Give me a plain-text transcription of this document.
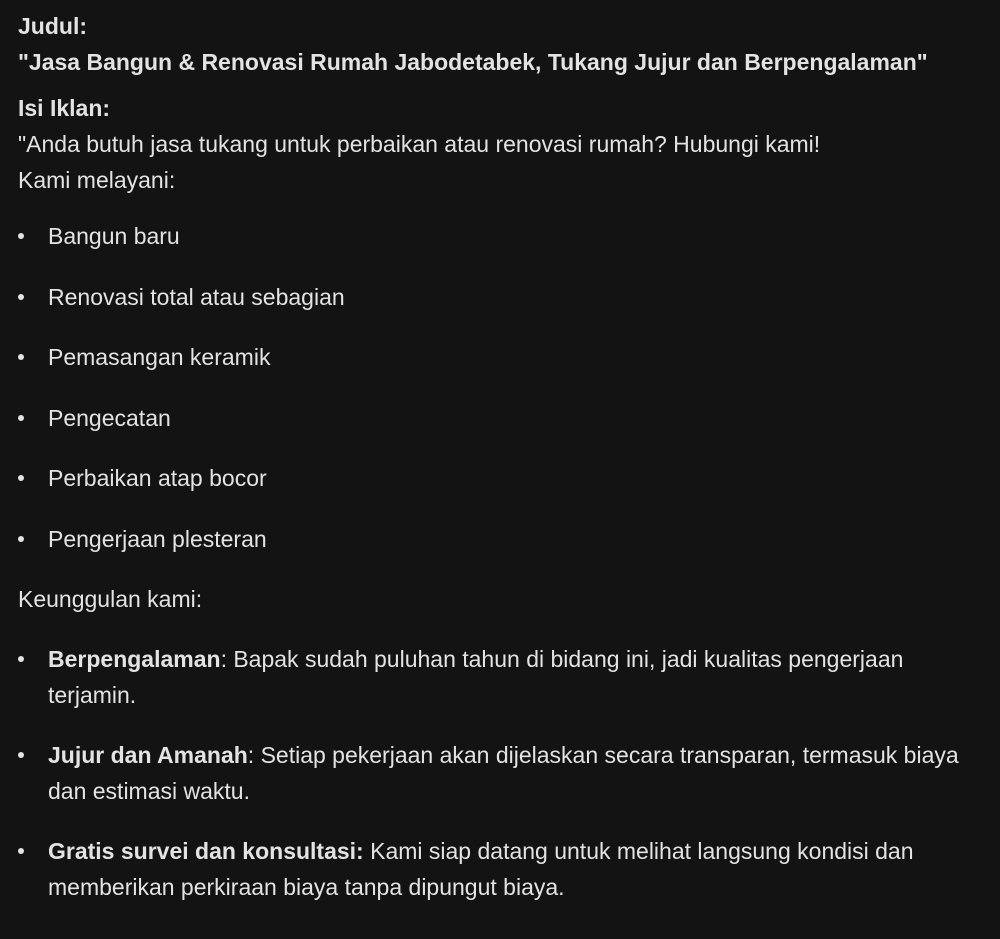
Judul:

"Jasa Bangun & Renovasi Rumah Jabodetabek, Tukang Jujur dan Berpengalaman"

Isi Iklan:

"Anda butuh jasa tukang untuk perbaikan atau renovasi rumah? Hubungi kami!

Kami melayani:

Bangun baru
Renovasi total atau sebagian
Pemasangan keramik
Pengecatan
Perbaikan atap bocor
Pengerjaan plesteran

Keunggulan kami:

Berpengalaman: Bapak sudah puluhan tahun di bidang ini, jadi kualitas pengerjaan terjamin.
Jujur dan Amanah: Setiap pekerjaan akan dijelaskan secara transparan, termasuk biaya dan estimasi waktu.
Gratis survei dan konsultasi: Kami siap datang untuk melihat langsung kondisi dan memberikan perkiraan biaya tanpa dipungut biaya.
